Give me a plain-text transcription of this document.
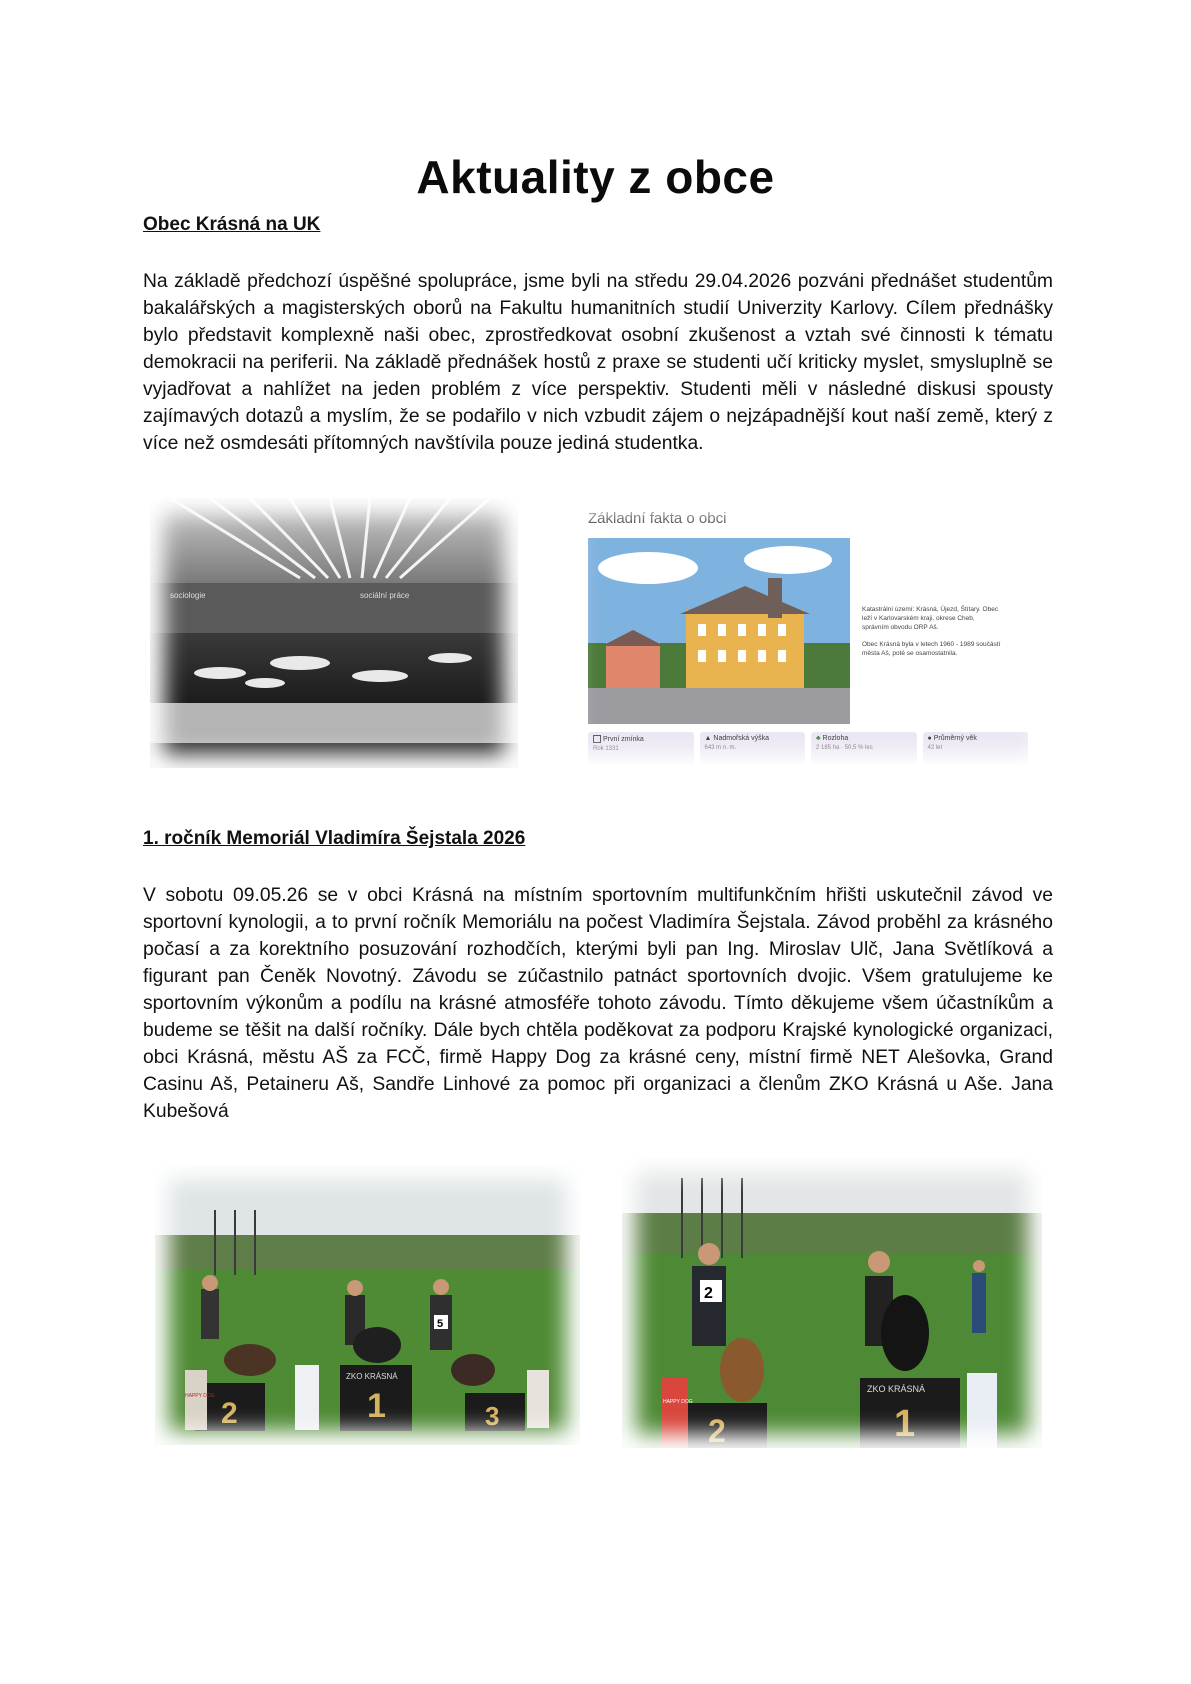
Aktuality z obce
Obec Krásná na UK
Na základě předchozí úspěšné spolupráce, jsme byli na středu 29.04.2026 pozváni přednášet studentům bakalářských a magisterských oborů na Fakultu humanitních studií Univerzity Karlovy. Cílem přednášky bylo představit komplexně naši obec, zprostředkovat osobní zkušenost a vztah své činnosti k tématu demokracii na periferii. Na základě přednášek hostů z praxe se studenti učí kriticky myslet, smysluplně se vyjadřovat a nahlížet na jeden problém z více perspektiv. Studenti měli v následné diskusi spousty zajímavých dotazů a myslím, že se podařilo v nich vzbudit zájem o nejzápadnější kout naší země, který z více než osmdesáti přítomných navštívila pouze jediná studentka.
sociologie	sociální práce
Základní fakta o obci
Katastrální území: Krásná, Újezd, Štítary. Obec leží v Karlovarském kraji, okrese Cheb, správním obvodu ORP Aš.
Obec Krásná byla v letech 1960 - 1989 součástí města Aš, poté se osamostatnila.
První zmínka
Rok 1331
▲ Nadmořská výška
643 m n. m.
♣ Rozloha
2 185 ha · 50,5 % les
● Průměrný věk
42 let
1. ročník Memoriál Vladimíra Šejstala 2026
V sobotu 09.05.26 se v obci Krásná na místním sportovním multifunkčním hřišti uskutečnil závod ve sportovní kynologii, a to první ročník Memoriálu na počest Vladimíra Šejstala. Závod proběhl za krásného počasí a za korektního posuzování rozhodčích, kterými byli pan Ing. Miroslav Ulč, Jana Světlíková a figurant pan Čeněk Novotný. Závodu se zúčastnilo patnáct sportovních dvojic. Všem gratulujeme ke sportovním výkonům a podílu na krásné atmosféře tohoto závodu. Tímto děkujeme všem účastníkům a budeme se těšit na další ročníky. Dále bych chtěla poděkovat za podporu Krajské kynologické organizaci, obci Krásná, městu AŠ za FCČ, firmě Happy Dog za krásné ceny, místní firmě NET Alešovka, Grand Casinu Aš, Petaineru Aš, Sandře Linhové za pomoc při organizaci a členům ZKO Krásná u Aše. Jana Kubešová
2
ZKO KRÁSNÁ
1	3
5
HAPPY DOG
2
ZKO KRÁSNÁ
1
2
HAPPY DOG
